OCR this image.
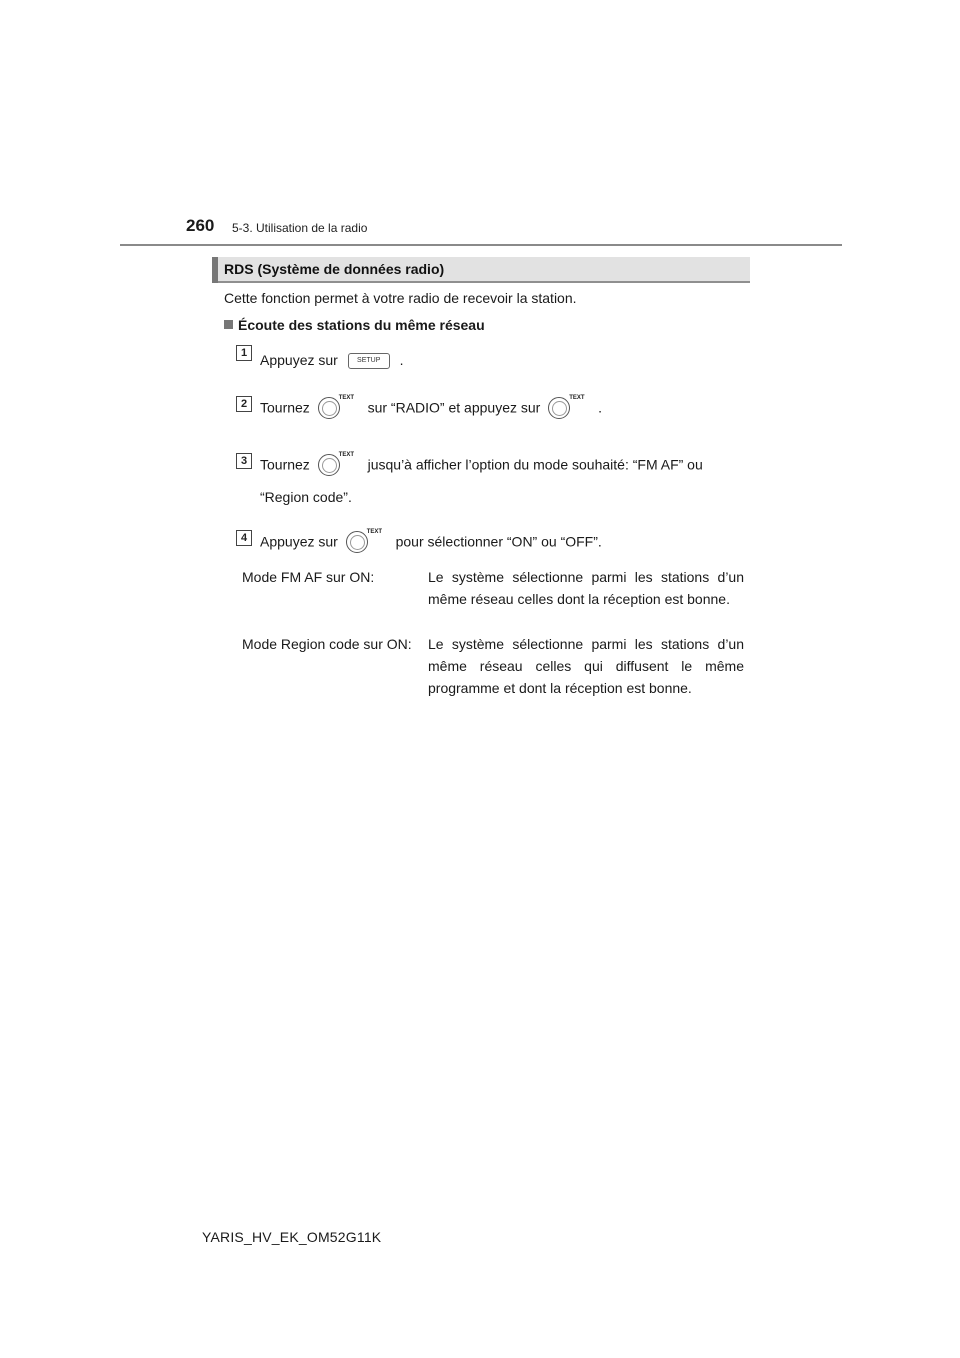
260 5-3. Utilisation de la radio
RDS (Système de données radio)
Cette fonction permet à votre radio de recevoir la station.
Écoute des stations du même réseau
1 Appuyez sur	SETUP .
2 Tournez
TEXT
sur “RADIO” et appuyez sur
TEXT
.
3 Tournez
TEXT
jusqu’à afficher l’option du mode souhaité: “FM AF” ou
“Region code”.
4 Appuyez sur
TEXT
pour sélectionner “ON” ou “OFF”.
Mode FM AF sur ON:	Le système sélectionne parmi les stations d’un même réseau celles dont la réception est bonne.
Mode Region code sur ON: Le système sélectionne parmi les stations d’un même réseau celles qui diffusent le même programme et dont la réception est bonne.
YARIS_HV_EK_OM52G11K
